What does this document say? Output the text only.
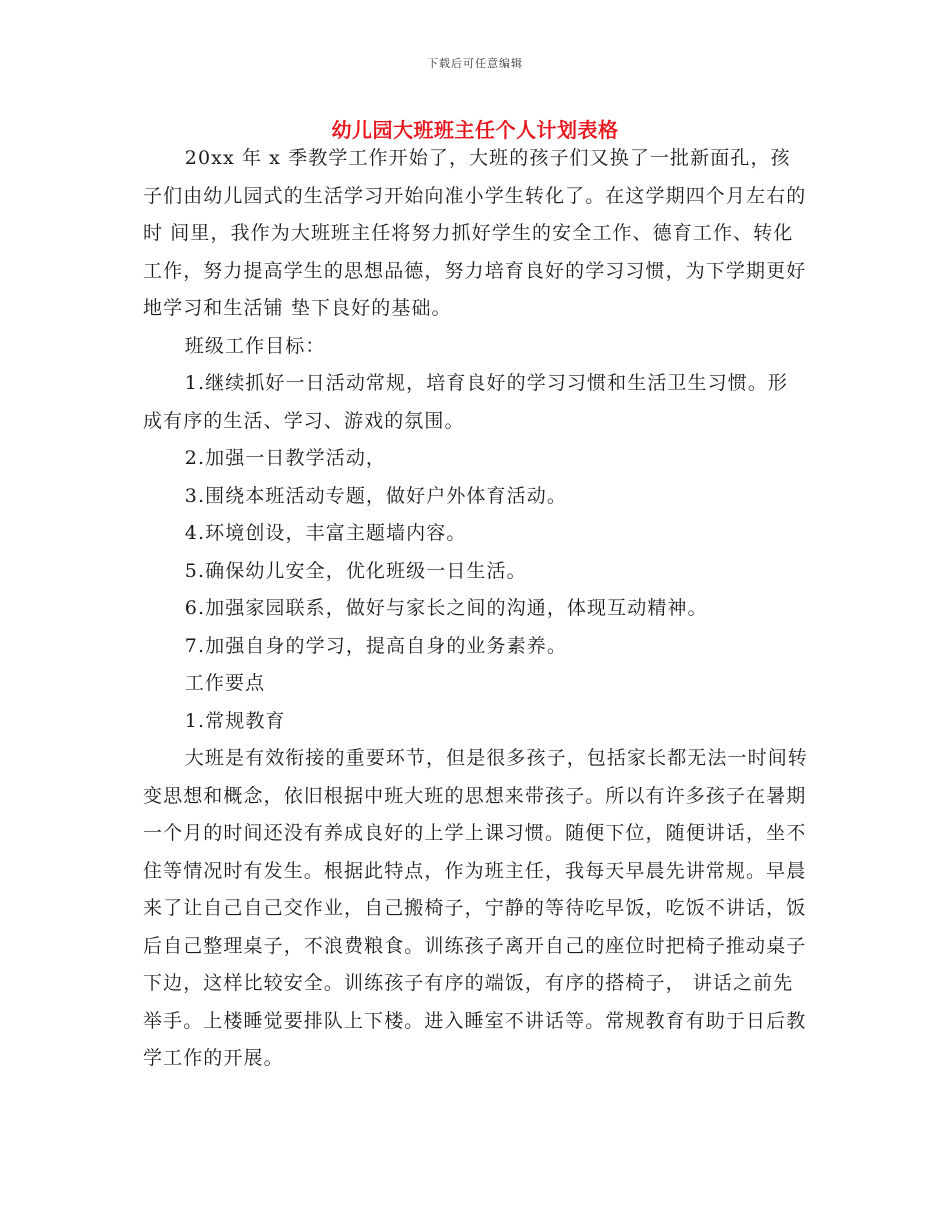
下载后可任意编辑
幼儿园大班班主任个人计划表格

20xx 年 x 季教学工作开始了，大班的孩子们又换了一批新面孔，孩子们由幼儿园式的生活学习开始向准小学生转化了。在这学期四个月左右的时 间里，我作为大班班主任将努力抓好学生的安全工作、德育工作、转化工作，努力提高学生的思想品德，努力培育良好的学习习惯，为下学期更好地学习和生活铺 垫下良好的基础。

班级工作目标：

1.继续抓好一日活动常规，培育良好的学习习惯和生活卫生习惯。形成有序的生活、学习、游戏的氛围。

2.加强一日教学活动，

3.围绕本班活动专题，做好户外体育活动。

4.环境创设，丰富主题墙内容。

5.确保幼儿安全，优化班级一日生活。

6.加强家园联系，做好与家长之间的沟通，体现互动精神。

7.加强自身的学习，提高自身的业务素养。

工作要点

1.常规教育

大班是有效衔接的重要环节，但是很多孩子，包括家长都无法一时间转变思想和概念，依旧根据中班大班的思想来带孩子。所以有许多孩子在暑期一个月的时间还没有养成良好的上学上课习惯。随便下位，随便讲话，坐不住等情况时有发生。根据此特点，作为班主任，我每天早晨先讲常规。早晨来了让自己自己交作业，自己搬椅子，宁静的等待吃早饭，吃饭不讲话，饭后自己整理桌子，不浪费粮食。训练孩子离开自己的座位时把椅子推动桌子下边，这样比较安全。训练孩子有序的端饭，有序的搭椅子， 讲话之前先举手。上楼睡觉要排队上下楼。进入睡室不讲话等。常规教育有助于日后教学工作的开展。
